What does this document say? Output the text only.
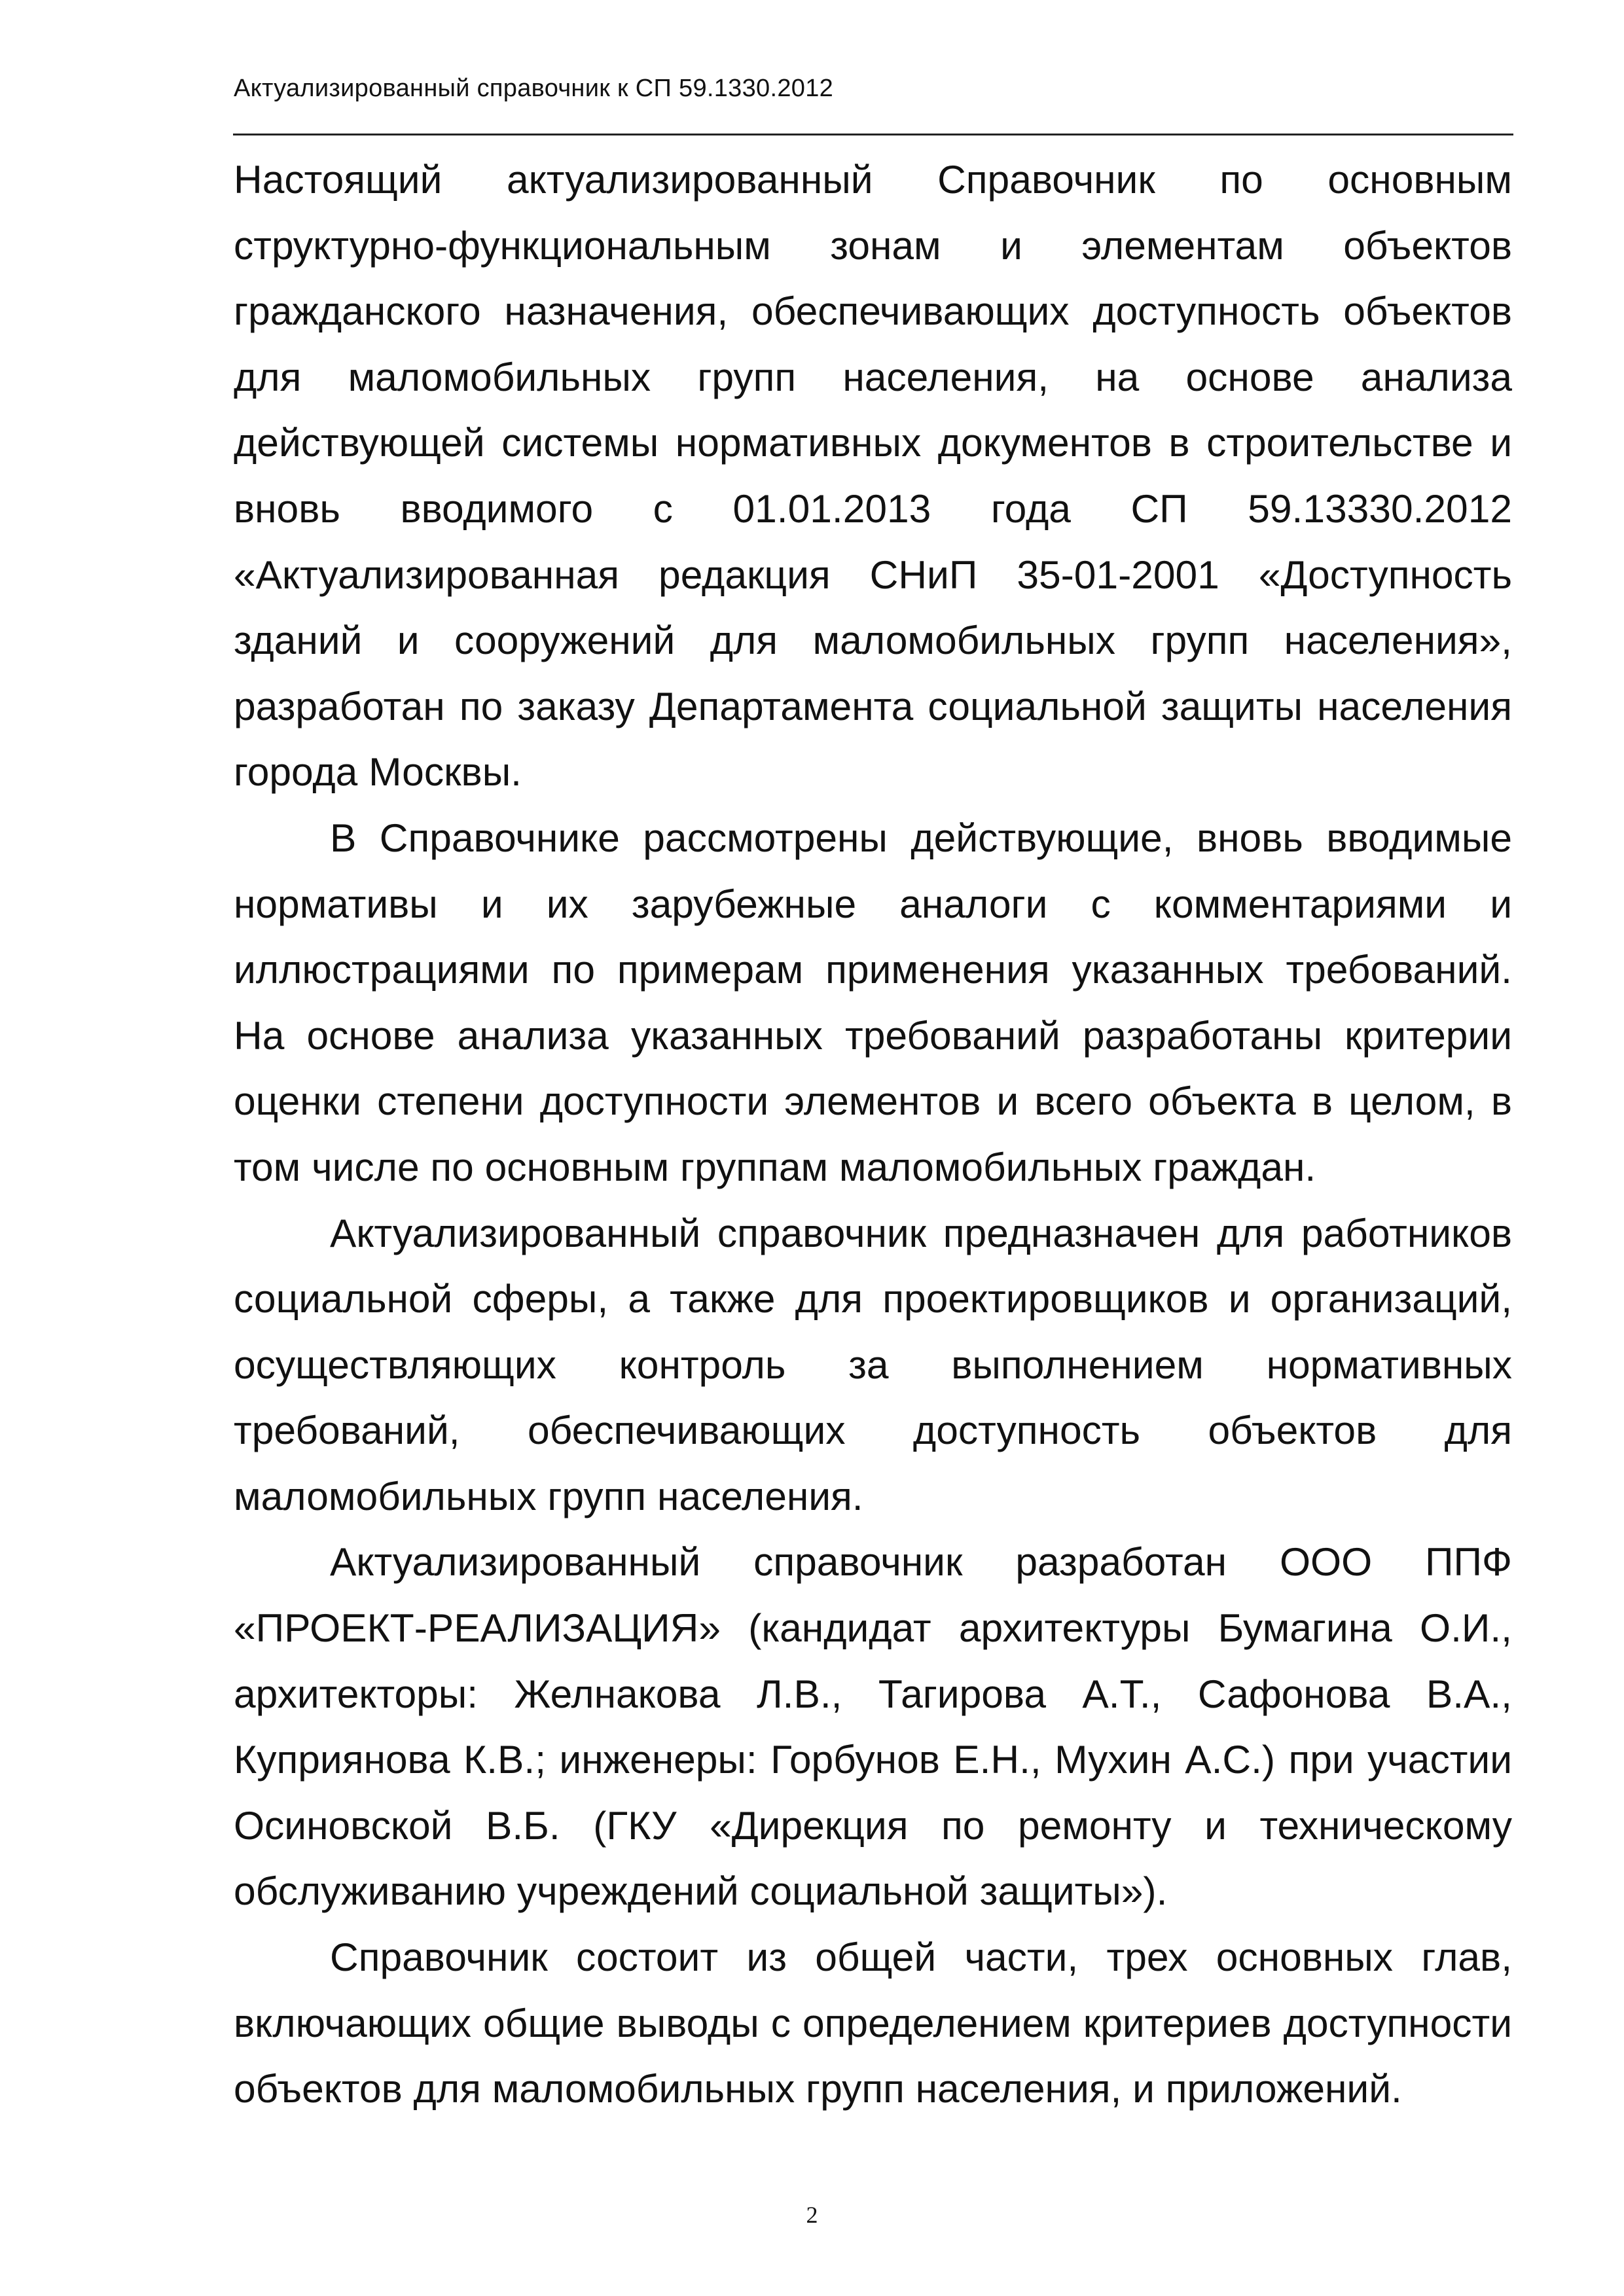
Актуализированный справочник к СП 59.1330.2012

Настоящий актуализированный Справочник по основным структурно-функциональным зонам и элементам объектов гражданского назначения, обеспечивающих доступность объектов для маломобильных групп населения, на основе анализа действующей системы нормативных документов в строительстве и вновь вводимого с 01.01.2013 года СП 59.13330.2012 «Актуализированная редакция СНиП 35-01-2001 «Доступность зданий и сооружений для маломобильных групп населения», разработан по заказу Департамента социальной защиты населения города Москвы.

В Справочнике рассмотрены действующие, вновь вводимые нормативы и их зарубежные аналоги с комментариями и иллюстрациями по примерам применения указанных требований. На основе анализа указанных требований разработаны критерии оценки степени доступности элементов и всего объекта в целом, в том числе по основным группам маломобильных граждан.

Актуализированный справочник предназначен для работников социальной сферы, а также для проектировщиков и организаций, осуществляющих контроль за выполнением нормативных требований, обеспечивающих доступность объектов для маломобильных групп населения.

Актуализированный справочник разработан ООО ППФ «ПРОЕКТ-РЕАЛИЗАЦИЯ» (кандидат архитектуры Бумагина О.И., архитекторы: Желнакова Л.В., Тагирова А.Т., Сафонова В.А., Куприянова К.В.; инженеры: Горбунов Е.Н., Мухин А.С.) при участии Осиновской В.Б. (ГКУ «Дирекция по ремонту и техническому обслуживанию учреждений социальной защиты»).

Справочник состоит из общей части, трех основных глав, включающих общие выводы с определением критериев доступности объектов для маломобильных групп населения, и приложений.

2
